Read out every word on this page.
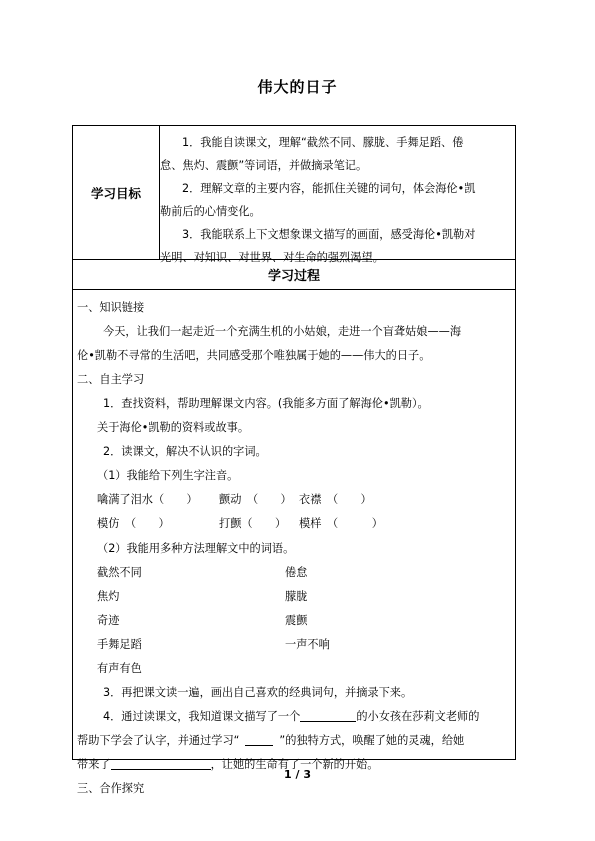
伟大的日子
学习目标
1．我能自读课文，理解“截然不同、朦胧、手舞足蹈、倦
怠、焦灼、震颤”等词语，并做摘录笔记。
2．理解文章的主要内容，能抓住关键的词句，体会海伦•凯
勒前后的心情变化。
3．我能联系上下文想象课文描写的画面，感受海伦•凯勒对
光明、对知识、对世界、对生命的强烈渴望。
学习过程
一、知识链接
今天，让我们一起走近一个充满生机的小姑娘，走进一个盲聋姑娘——海
伦•凯勒不寻常的生活吧，共同感受那个唯独属于她的——伟大的日子。
二、自主学习
1．查找资料，帮助理解课文内容。(我能多方面了解海伦•凯勒）。
关于海伦•凯勒的资料或故事。
2．读课文，解决不认识的字词。
（1）我能给下列生字注音。
噙满了泪水（　　） 颤动　（　　） 衣襟　（　　）
模仿　（　　）	打颤（　　） 模样　（　　　）
（2）我能用多种方法理解文中的词语。
截然不同	倦怠
焦灼	朦胧
奇迹	震颤
手舞足蹈	一声不响
有声有色
3．再把课文读一遍，画出自己喜欢的经典词句，并摘录下来。
4．通过读课文，我知道课文描写了一个	的小女孩在莎莉文老师的
帮助下学会了认字，并通过学习“	”的独特方式，唤醒了她的灵魂，给她
带来了	，让她的生命有了一个新的开始。
三、合作探究
1 / 3
